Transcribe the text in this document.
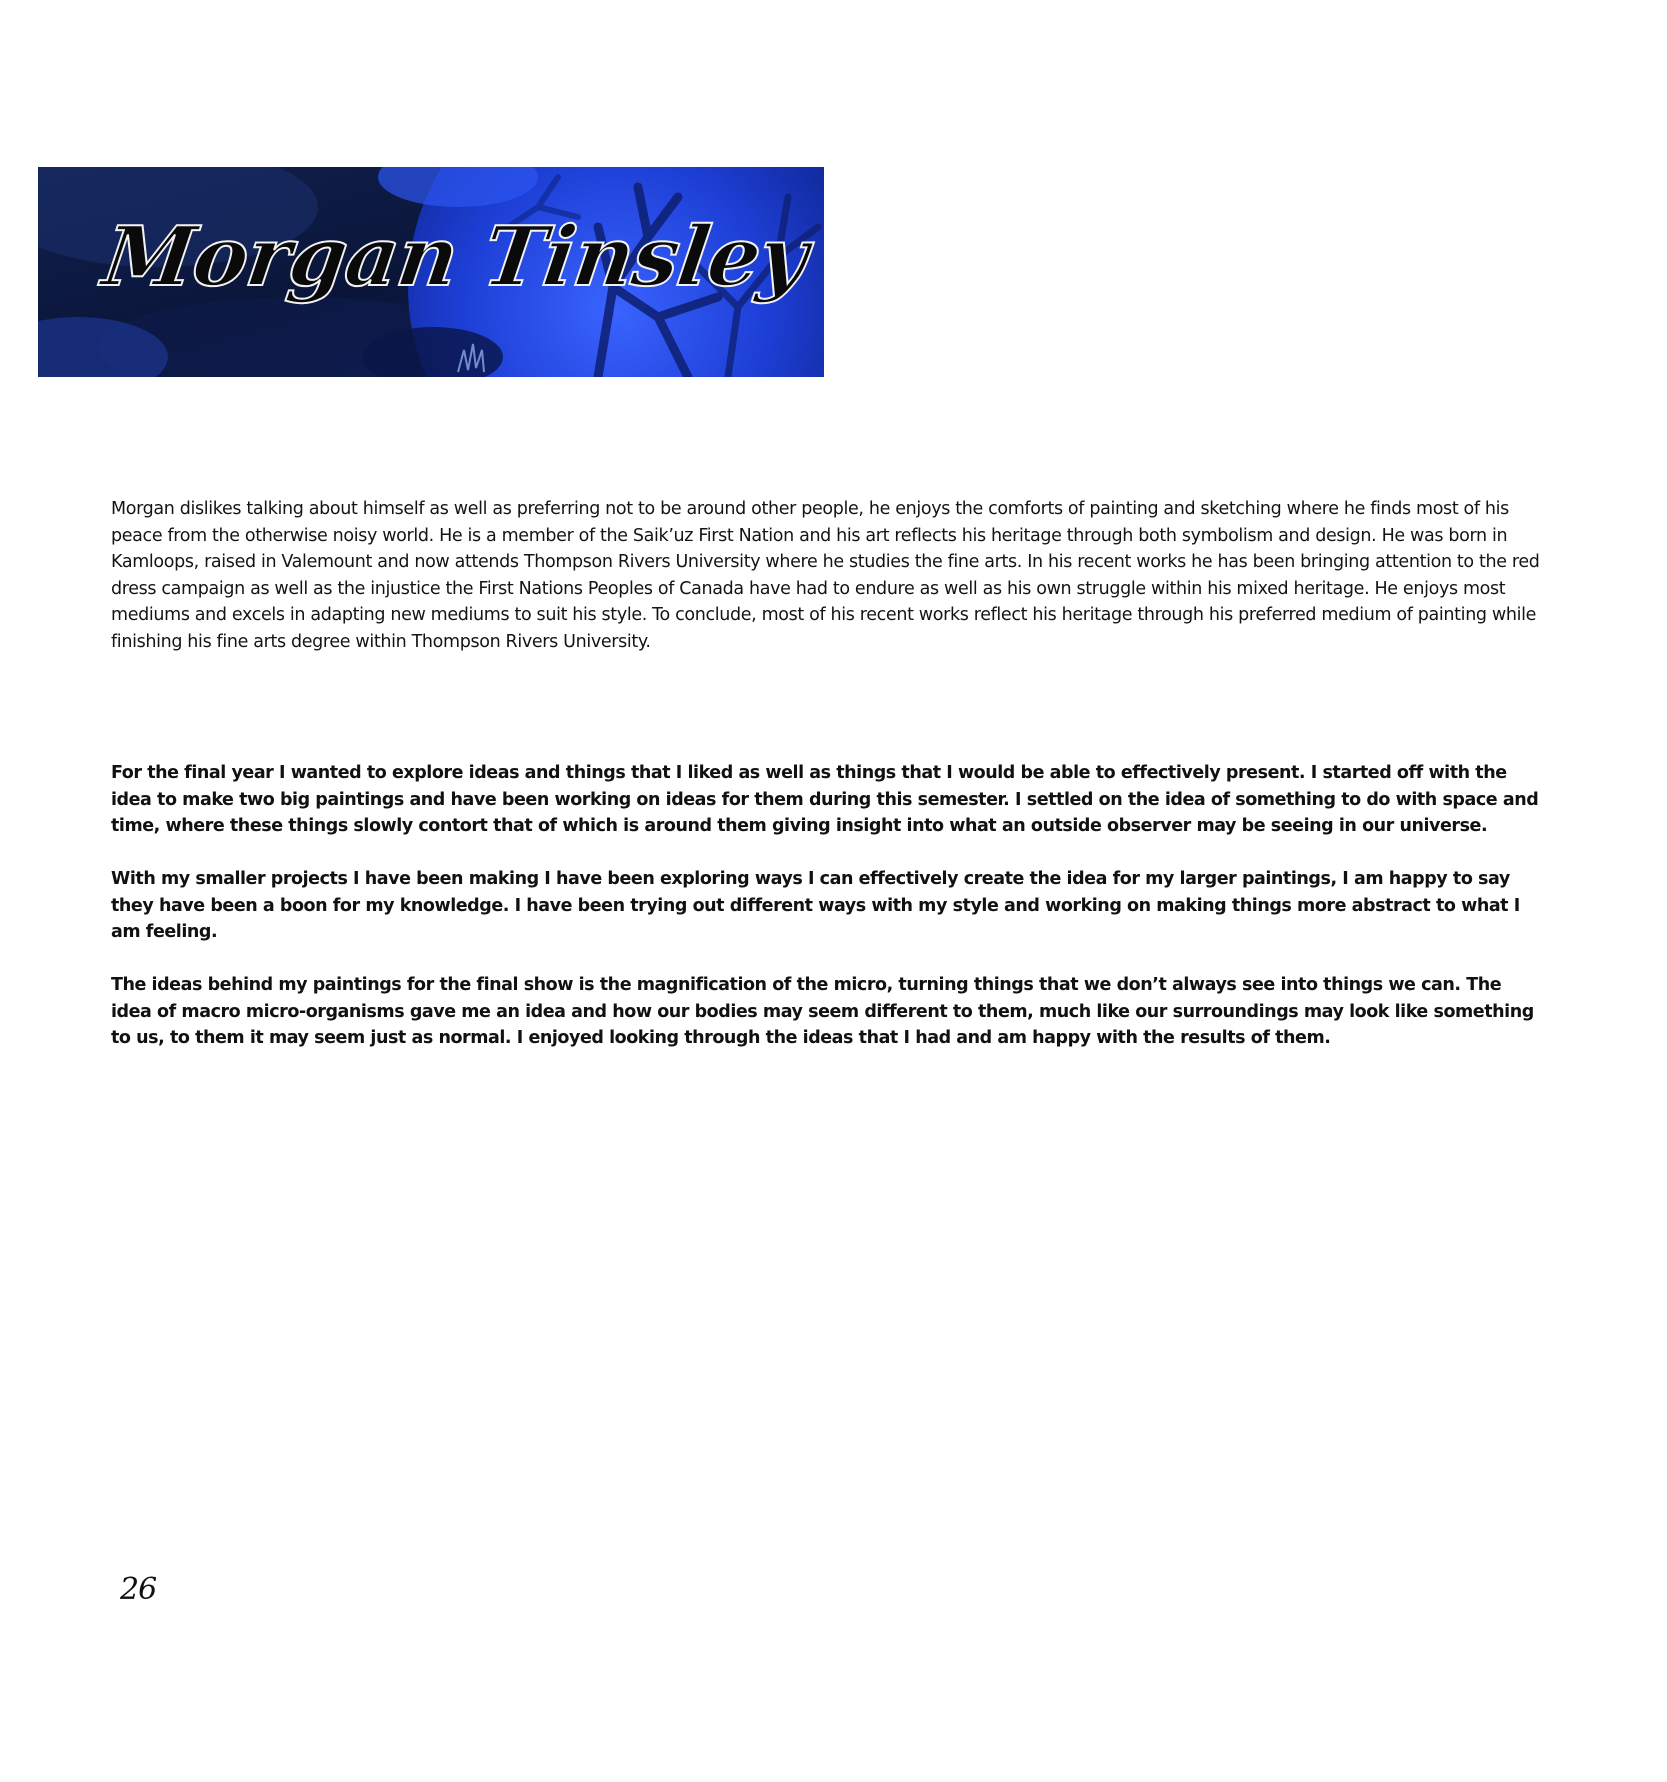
Morgan Tinsley

Morgan dislikes talking about himself as well as preferring not to be around other people, he enjoys the comforts of painting and sketching where he finds most of his peace from the otherwise noisy world. He is a member of the Saik’uz First Nation and his art reflects his heritage through both symbolism and design. He was born in Kamloops, raised in Valemount and now attends Thompson Rivers University where he studies the fine arts. In his recent works he has been bringing attention to the red dress campaign as well as the injustice the First Nations Peoples of Canada have had to endure as well as his own struggle within his mixed heritage. He enjoys most mediums and excels in adapting new mediums to suit his style. To conclude, most of his recent works reflect his heritage through his preferred medium of painting while finishing his fine arts degree within Thompson Rivers University.

For the final year I wanted to explore ideas and things that I liked as well as things that I would be able to effectively present. I started off with the idea to make two big paintings and have been working on ideas for them during this semester. I settled on the idea of something to do with space and time, where these things slowly contort that of which is around them giving insight into what an outside observer may be seeing in our universe.

With my smaller projects I have been making I have been exploring ways I can effectively create the idea for my larger paintings, I am happy to say they have been a boon for my knowledge. I have been trying out different ways with my style and working on making things more abstract to what I am feeling.

The ideas behind my paintings for the final show is the magnification of the micro, turning things that we don’t always see into things we can. The idea of macro micro-organisms gave me an idea and how our bodies may seem different to them, much like our surroundings may look like something to us, to them it may seem just as normal. I enjoyed looking through the ideas that I had and am happy with the results of them.

26
